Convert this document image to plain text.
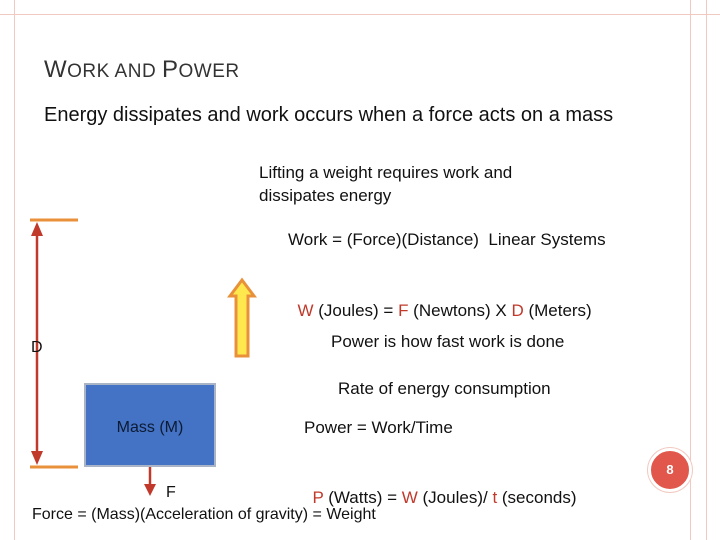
WORK AND POWER
Energy dissipates and work occurs when a force acts on a mass
Lifting a weight requires work and dissipates energy
Work = (Force)(Distance)  Linear Systems

W (Joules) = F (Newtons) X D (Meters)

Power is how fast work is done
Rate of energy consumption
Power = Work/Time

P (Watts) = W (Joules)/ t (seconds)

D
Mass (M)
F
Force = (Mass)(Acceleration of gravity) = Weight
8
